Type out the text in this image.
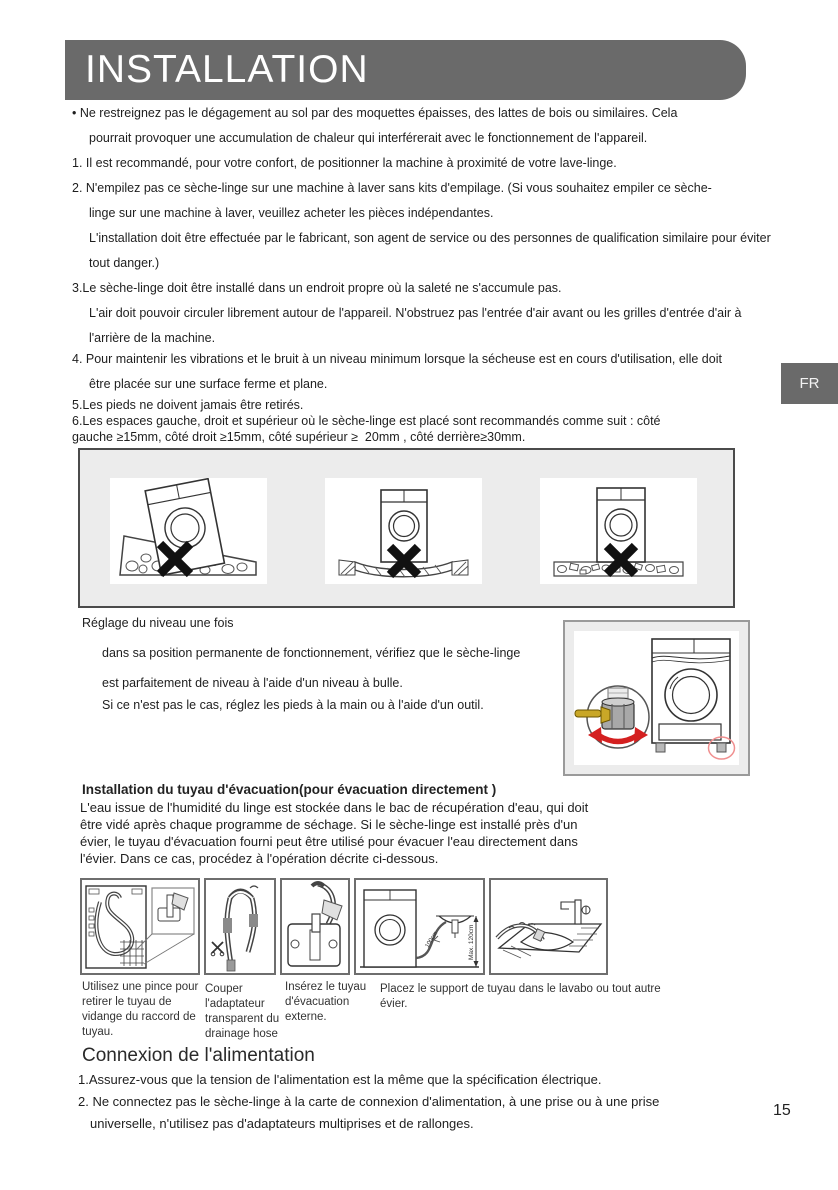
INSTALLATION
FR
• Ne restreignez pas le dégagement au sol par des moquettes épaisses, des lattes de bois ou similaires. Cela
pourrait provoquer une accumulation de chaleur qui interférerait avec le fonctionnement de l'appareil.
1. Il est recommandé, pour votre confort, de positionner la machine à proximité de votre lave-linge.
2. N'empilez pas ce sèche-linge sur une machine à laver sans kits d'empilage. (Si vous souhaitez empiler ce sèche-
linge sur une machine à laver, veuillez acheter les pièces indépendantes.
L'installation doit être effectuée par le fabricant, son agent de service ou des personnes de qualification similaire pour éviter
tout danger.)
3.Le sèche-linge doit être installé dans un endroit propre où la saleté ne s'accumule pas.
L'air doit pouvoir circuler librement autour de l'appareil. N'obstruez pas l'entrée d'air avant ou les grilles d'entrée d'air à
l'arrière de la machine.
4. Pour maintenir les vibrations et le bruit à un niveau minimum lorsque la sécheuse est en cours d'utilisation, elle doit
être placée sur une surface ferme et plane.
5.Les pieds ne doivent jamais être retirés.
6.Les espaces gauche, droit et supérieur où le sèche-linge est placé sont recommandés comme suit : côté
gauche ≥15mm, côté droit ≥15mm, côté supérieur ≥  20mm , côté derrière≥30mm.
Réglage du niveau une fois
dans sa position permanente de fonctionnement, vérifiez que le sèche-linge
est parfaitement de niveau à l'aide d'un niveau à bulle.
Si ce n'est pas le cas, réglez les pieds à la main ou à l'aide d'un outil.
Installation du tuyau d'évacuation(pour évacuation directement )
L'eau issue de l'humidité du linge est stockée dans le bac de récupération d'eau, qui doit
être vidé après chaque programme de séchage. Si le sèche-linge est installé près d'un
évier, le tuyau d'évacuation fourni peut être utilisé pour évacuer l'eau directement dans
l'évier. Dans ce cas, procédez à l'opération décrite ci-dessous.
Max. 120cm
100cm
Utilisez une pince pour retirer le tuyau de vidange du raccord de tuyau.
Couper l'adaptateur transparent du drainage hose
Insérez le tuyau d'évacuation externe.
Placez le support de tuyau dans le lavabo ou tout autre évier.
Connexion de l'alimentation
1.Assurez-vous que la tension de l'alimentation est la même que la spécification électrique.
2. Ne connectez pas le sèche-linge à la carte de connexion d'alimentation, à une prise ou à une prise
universelle, n'utilisez pas d'adaptateurs multiprises et de rallonges.
15
